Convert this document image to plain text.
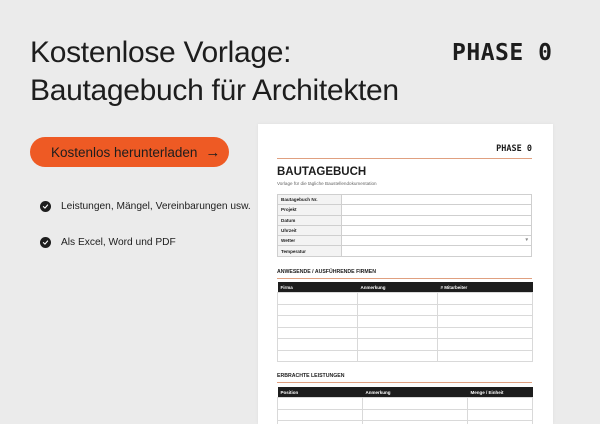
Kostenlose Vorlage:
Bautagebuch für Architekten
PHASE 0
Kostenlos herunterladen →
Leistungen, Mängel, Vereinbarungen usw.
Als Excel, Word und PDF
PHASE 0
BAUTAGEBUCH
Vorlage für die tägliche Baustellendokumentation
Bautagebuch Nr.	
Projekt	
Datum	
Uhrzeit	
Wetter	▾

Temperatur	
ANWESENDE / AUSFÜHRENDE FIRMEN
Firma	Anmerkung	# Mitarbeiter

ERBRACHTE LEISTUNGEN
Position	Anmerkung	Menge / Einheit
